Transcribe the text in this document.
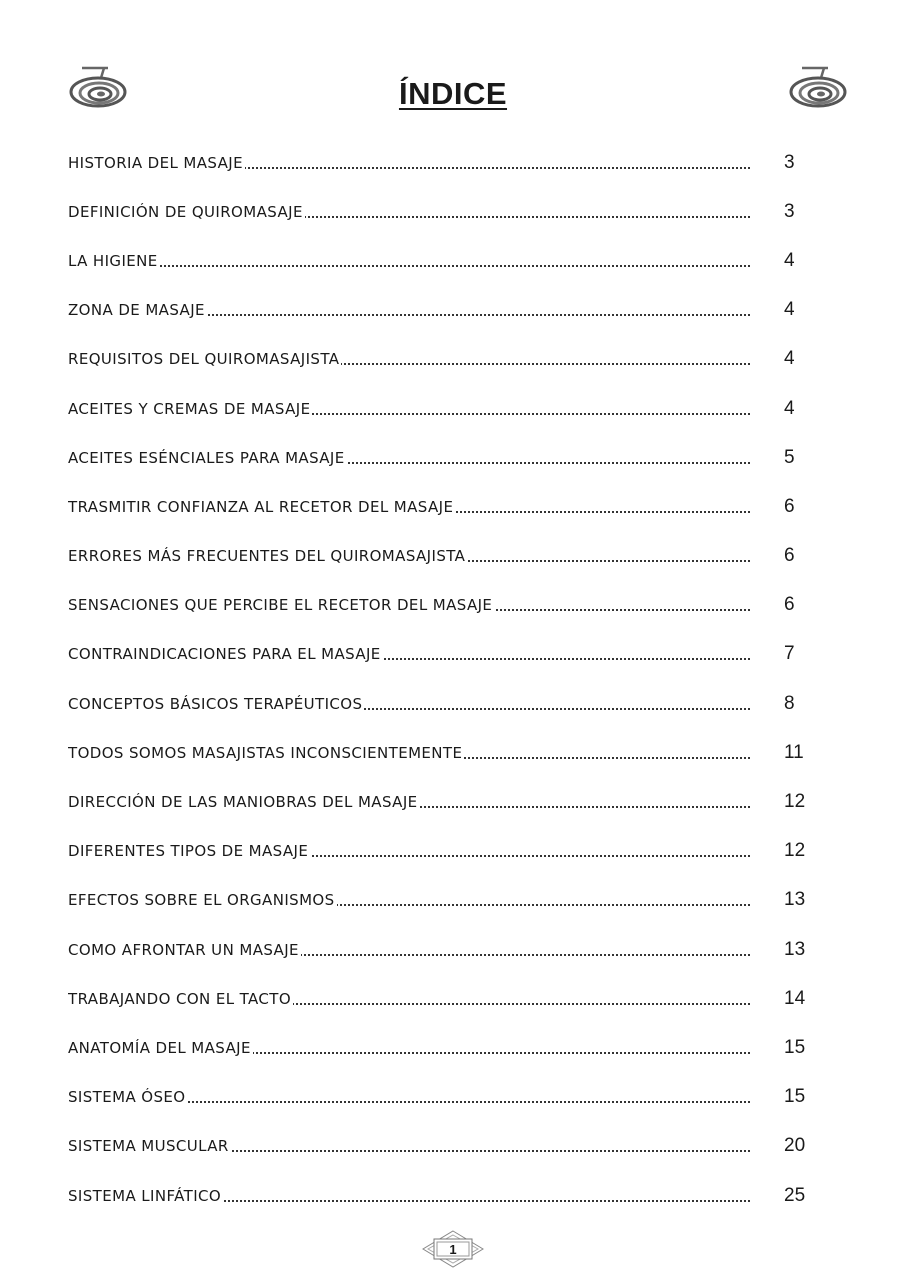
ÍNDICE
HISTORIA DEL MASAJE	3
DEFINICIÓN DE QUIROMASAJE	3
LA HIGIENE	4
ZONA DE MASAJE	4
REQUISITOS DEL QUIROMASAJISTA	4
ACEITES Y CREMAS DE MASAJE	4
ACEITES ESÉNCIALES PARA MASAJE	5
TRASMITIR CONFIANZA AL RECETOR DEL MASAJE	6
ERRORES MÁS FRECUENTES DEL QUIROMASAJISTA	6
SENSACIONES QUE PERCIBE EL RECETOR DEL MASAJE	6
CONTRAINDICACIONES PARA EL MASAJE	7
CONCEPTOS BÁSICOS TERAPÉUTICOS	8
TODOS SOMOS MASAJISTAS INCONSCIENTEMENTE	11
DIRECCIÓN DE LAS MANIOBRAS DEL MASAJE	12
DIFERENTES TIPOS DE MASAJE	12
EFECTOS SOBRE EL ORGANISMOS	13
COMO AFRONTAR UN MASAJE	13
TRABAJANDO CON EL TACTO	14
ANATOMÍA DEL MASAJE	15
SISTEMA ÓSEO	15
SISTEMA MUSCULAR	20
SISTEMA LINFÁTICO	25
1
